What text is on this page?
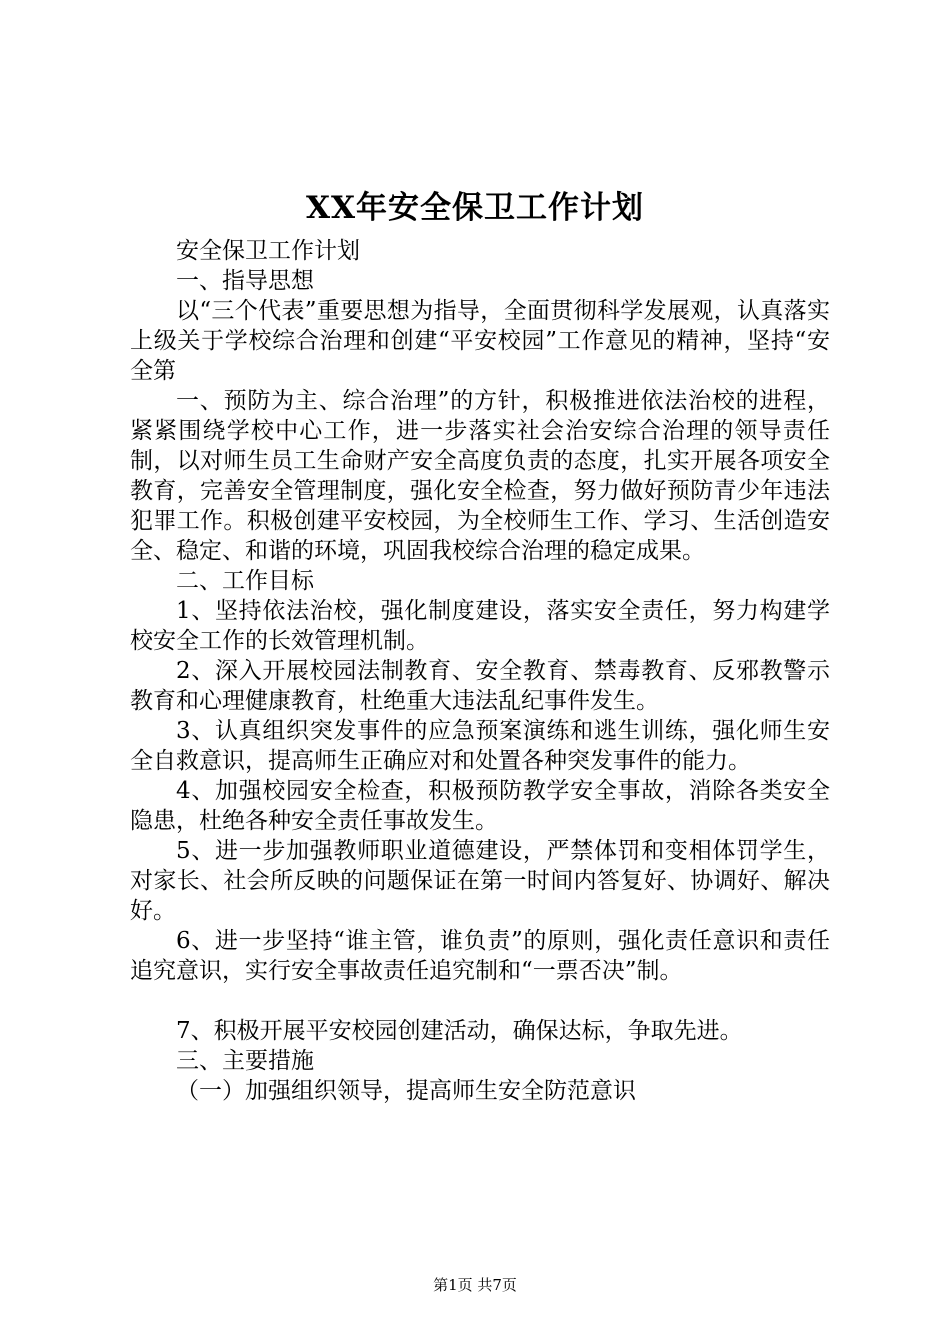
XX年安全保卫工作计划

安全保卫工作计划

一、指导思想

以“三个代表”重要思想为指导，全面贯彻科学发展观，认真落实上级关于学校综合治理和创建“平安校园”工作意见的精神，坚持“安全第

一、预防为主、综合治理”的方针，积极推进依法治校的进程，紧紧围绕学校中心工作，进一步落实社会治安综合治理的领导责任制，以对师生员工生命财产安全高度负责的态度，扎实开展各项安全教育，完善安全管理制度，强化安全检查，努力做好预防青少年违法犯罪工作。积极创建平安校园，为全校师生工作、学习、生活创造安全、稳定、和谐的环境，巩固我校综合治理的稳定成果。

二、工作目标

1、坚持依法治校，强化制度建设，落实安全责任，努力构建学校安全工作的长效管理机制。

2、深入开展校园法制教育、安全教育、禁毒教育、反邪教警示教育和心理健康教育，杜绝重大违法乱纪事件发生。

3、认真组织突发事件的应急预案演练和逃生训练，强化师生安全自救意识，提高师生正确应对和处置各种突发事件的能力。

4、加强校园安全检查，积极预防教学安全事故，消除各类安全隐患，杜绝各种安全责任事故发生。

5、进一步加强教师职业道德建设，严禁体罚和变相体罚学生，对家长、社会所反映的问题保证在第一时间内答复好、协调好、解决好。

6、进一步坚持“谁主管，谁负责”的原则，强化责任意识和责任追究意识，实行安全事故责任追究制和“一票否决”制。

7、积极开展平安校园创建活动，确保达标，争取先进。

三、主要措施

（一）加强组织领导，提高师生安全防范意识

第1页 共7页
